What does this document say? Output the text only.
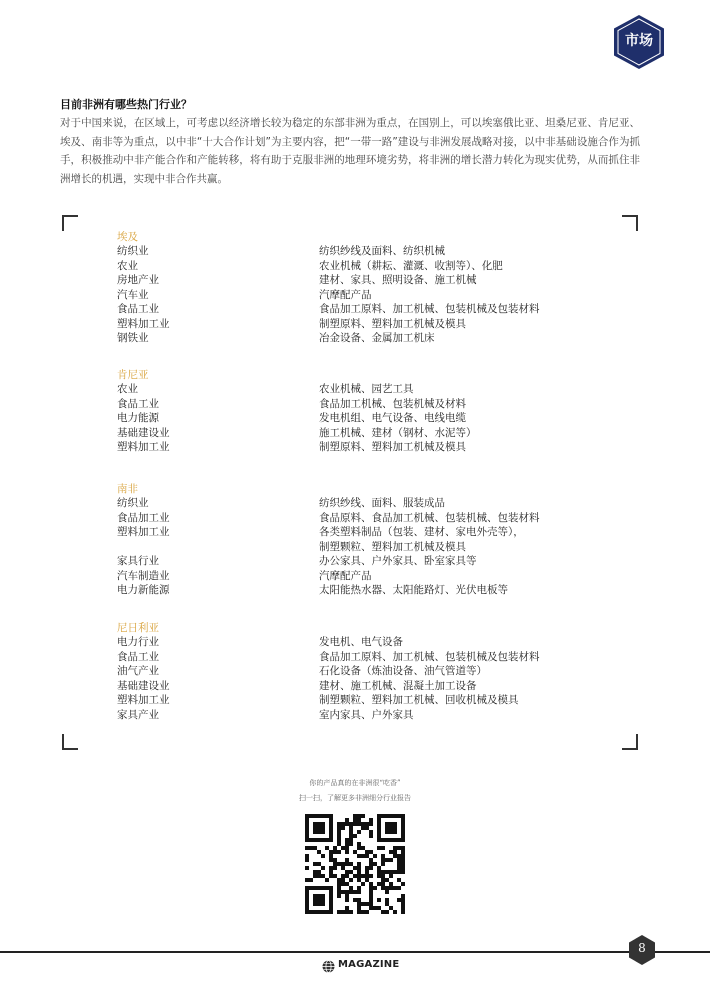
市场
目前非洲有哪些热门行业？
对于中国来说，在区域上，可考虑以经济增长较为稳定的东部非洲为重点，在国别上，可以埃塞俄比亚、坦桑尼亚、肯尼亚、埃及、南非等为重点，以中非“十大合作计划”为主要内容，把“一带一路”建设与非洲发展战略对接，以中非基础设施合作为抓手，积极推动中非产能合作和产能转移，将有助于克服非洲的地理环境劣势，将非洲的增长潜力转化为现实优势，从而抓住非洲增长的机遇，实现中非合作共赢。
埃及
纺织业	纺织纱线及面料、纺织机械
农业	农业机械（耕耘、灌溉、收割等）、化肥
房地产业	建材、家具、照明设备、施工机械
汽车业	汽摩配产品
食品工业	食品加工原料、加工机械、包装机械及包装材料
塑料加工业	制塑原料、塑料加工机械及模具
钢铁业	冶金设备、金属加工机床
肯尼亚
农业	农业机械、园艺工具
食品工业	食品加工机械、包装机械及材料
电力能源	发电机组、电气设备、电线电缆
基础建设业	施工机械、建材（钢材、水泥等）
塑料加工业	制塑原料、塑料加工机械及模具
南非
纺织业	纺织纱线、面料、服装成品
食品加工业	食品原料、食品加工机械、包装机械、包装材料
塑料加工业	各类塑料制品（包装、建材、家电外壳等），
制塑颗粒、塑料加工机械及模具
家具行业	办公家具、户外家具、卧室家具等
汽车制造业	汽摩配产品
电力新能源	太阳能热水器、太阳能路灯、光伏电板等
尼日利亚
电力行业	发电机、电气设备
食品工业	食品加工原料、加工机械、包装机械及包装材料
油气产业	石化设备（炼油设备、油气管道等）
基础建设业	建材、施工机械、混凝土加工设备
塑料加工业	制塑颗粒、塑料加工机械、回收机械及模具
家具产业	室内家具、户外家具
你的产品真的在非洲很“吃香”
扫一扫，了解更多非洲细分行业报告
8
MAGAZINE
